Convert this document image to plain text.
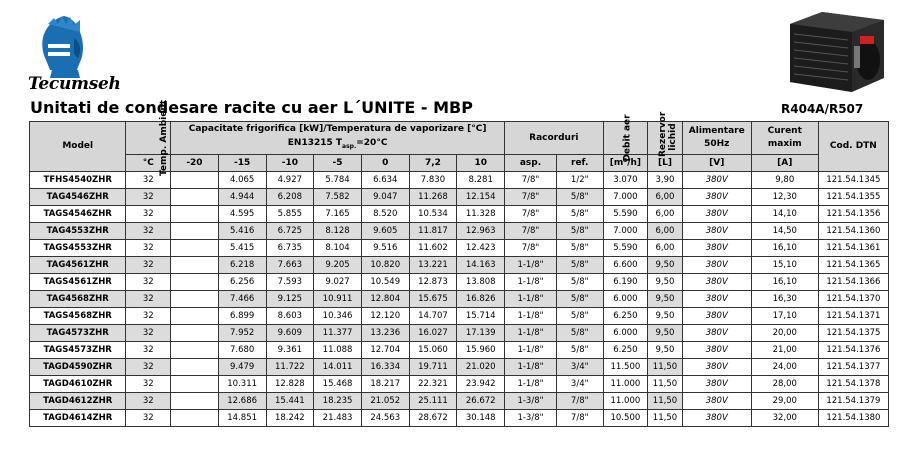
Tecumseh
Unitati de condesare racite cu aer L´UNITE - MBP	R404A/R507
Model	Temp. Ambient	Capacitate frigorifica [kW]/Temperatura de vaporizare [°C]
EN13215 $T_{asp.}=20^\circ C$							Racorduri		Debit aer	Rezervor lichid	Alimentare 50Hz	Curent maxim	Cod. DTN
	°C	-20	-15	-10	-5	0	7,2	10	asp.	ref.	[m³/h]	[L]	[V]	[A]	
TFHS4540ZHR	32		4.065	4.927	5.784	6.634	7.830	8.281	7/8"	1/2"	3.070	3,90	380V	9,80	121.54.1345
TAG4546ZHR	32		4.944	6.208	7.582	9.047	11.268	12.154	7/8"	5/8"	7.000	6,00	380V	12,30	121.54.1355
TAGS4546ZHR	32		4.595	5.855	7.165	8.520	10.534	11.328	7/8"	5/8"	5.590	6,00	380V	14,10	121.54.1356
TAG4553ZHR	32		5.416	6.725	8.128	9.605	11.817	12.963	7/8"	5/8"	7.000	6,00	380V	14,50	121.54.1360
TAGS4553ZHR	32		5.415	6.735	8.104	9.516	11.602	12.423	7/8"	5/8"	5.590	6,00	380V	16,10	121.54.1361
TAG4561ZHR	32		6.218	7.663	9.205	10.820	13.221	14.163	1-1/8"	5/8"	6.600	9,50	380V	15,10	121.54.1365
TAGS4561ZHR	32		6.256	7.593	9.027	10.549	12.873	13.808	1-1/8"	5/8"	6.190	9,50	380V	16,10	121.54.1366
TAG4568ZHR	32		7.466	9.125	10.911	12.804	15.675	16.826	1-1/8"	5/8"	6.000	9,50	380V	16,30	121.54.1370
TAGS4568ZHR	32		6.899	8.603	10.346	12.120	14.707	15.714	1-1/8"	5/8"	6.250	9,50	380V	17,10	121.54.1371
TAG4573ZHR	32		7.952	9.609	11.377	13.236	16.027	17.139	1-1/8"	5/8"	6.000	9,50	380V	20,00	121.54.1375
TAGS4573ZHR	32		7.680	9.361	11.088	12.704	15.060	15.960	1-1/8"	5/8"	6.250	9,50	380V	21,00	121.54.1376
TAGD4590ZHR	32		9.479	11.722	14.011	16.334	19.711	21.020	1-1/8"	3/4"	11.500	11,50	380V	24,00	121.54.1377
TAGD4610ZHR	32		10.311	12.828	15.468	18.217	22.321	23.942	1-1/8"	3/4"	11.000	11,50	380V	28,00	121.54.1378
TAGD4612ZHR	32		12.686	15.441	18.235	21.052	25.111	26.672	1-3/8"	7/8"	11.000	11,50	380V	29,00	121.54.1379
TAGD4614ZHR	32		14.851	18.242	21.483	24.563	28.672	30.148	1-3/8"	7/8"	10.500	11,50	380V	32,00	121.54.1380
